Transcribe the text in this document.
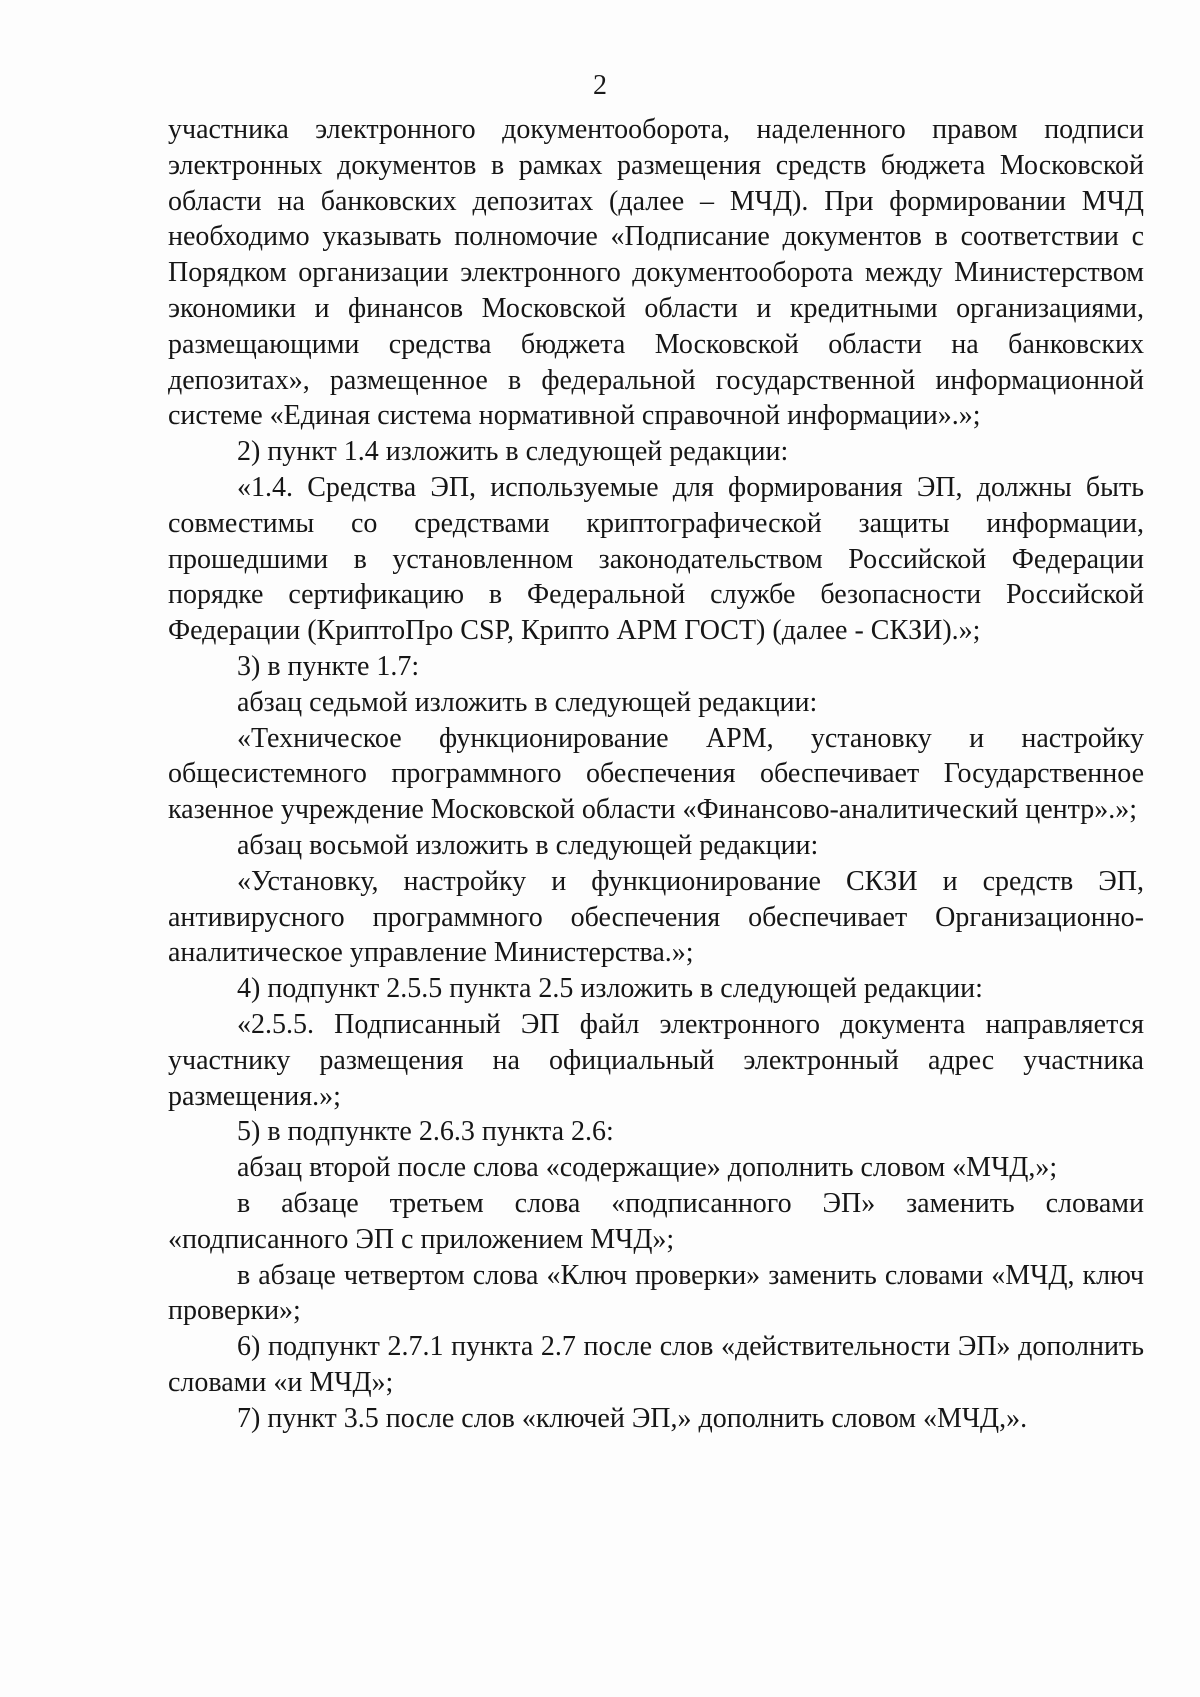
2

участника электронного документооборота, наделенного правом подписи электронных документов в рамках размещения средств бюджета Московской области на банковских депозитах (далее – МЧД). При формировании МЧД необходимо указывать полномочие «Подписание документов в соответствии с Порядком организации электронного документооборота между Министерством экономики и финансов Московской области и кредитными организациями, размещающими средства бюджета Московской области на банковских депозитах», размещенное в федеральной государственной информационной системе «Единая система нормативной справочной информации».»;

2) пункт 1.4 изложить в следующей редакции:

«1.4. Средства ЭП, используемые для формирования ЭП, должны быть совместимы со средствами криптографической защиты информации, прошедшими в установленном законодательством Российской Федерации порядке сертификацию в Федеральной службе безопасности Российской Федерации (КриптоПро CSP, Крипто АРМ ГОСТ) (далее - СКЗИ).»;

3) в пункте 1.7:

абзац седьмой изложить в следующей редакции:

«Техническое функционирование АРМ, установку и настройку общесистемного программного обеспечения обеспечивает Государственное казенное учреждение Московской области «Финансово-аналитический центр».»;

абзац восьмой изложить в следующей редакции:

«Установку, настройку и функционирование СКЗИ и средств ЭП, антивирусного программного обеспечения обеспечивает Организационно-аналитическое управление Министерства.»;

4) подпункт 2.5.5 пункта 2.5 изложить в следующей редакции:

«2.5.5. Подписанный ЭП файл электронного документа направляется участнику размещения на официальный электронный адрес участника размещения.»;

5) в подпункте 2.6.3 пункта 2.6:

абзац второй после слова «содержащие» дополнить словом «МЧД,»;

в абзаце третьем слова «подписанного ЭП» заменить словами «подписанного ЭП с приложением МЧД»;

в абзаце четвертом слова «Ключ проверки» заменить словами «МЧД, ключ проверки»;

6) подпункт 2.7.1 пункта 2.7 после слов «действительности ЭП» дополнить словами «и МЧД»;

7) пункт 3.5 после слов «ключей ЭП,» дополнить словом «МЧД,».
